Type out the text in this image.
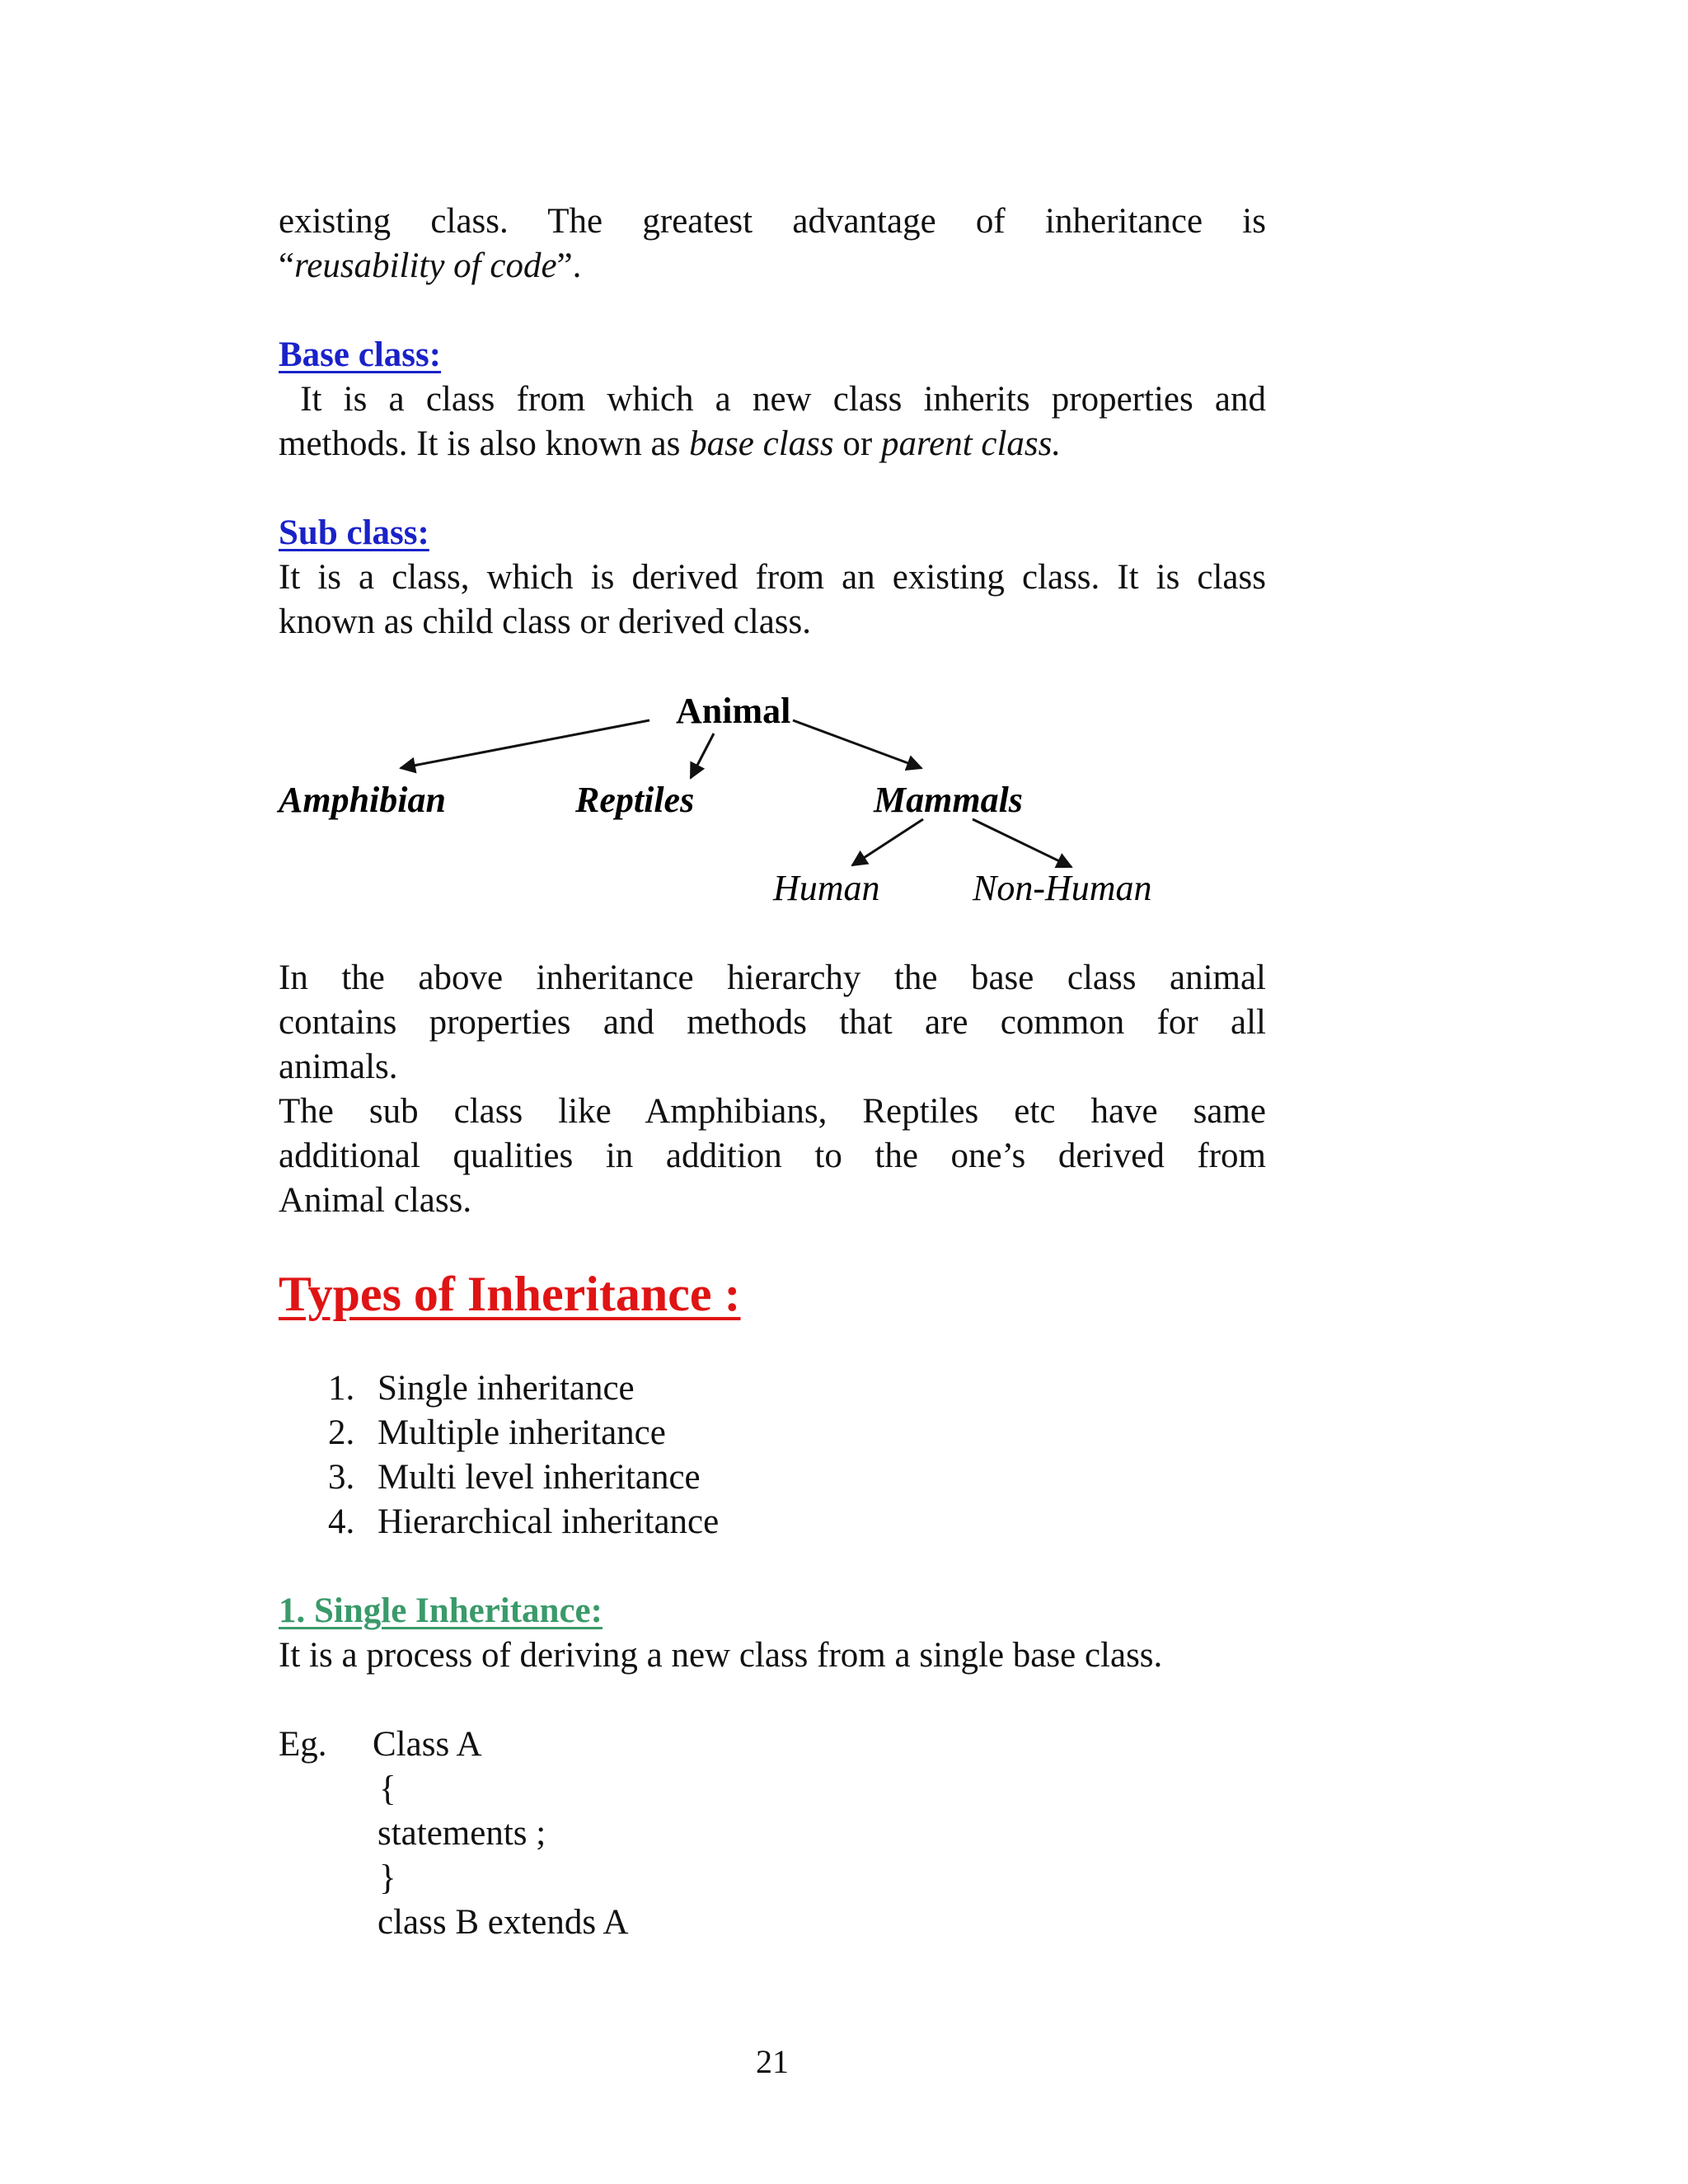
existing class. The greatest advantage of inheritance is
“reusability of code”.
Base class:
It is a class from which a new class inherits properties and
methods. It is also known as base class or parent class.
Sub class:
It is a class, which is derived from an existing class. It is class
known as child class or derived class.
Animal
Amphibian	Reptiles	Mammals
Human	Non-Human
In the above inheritance hierarchy the base class animal
contains properties and methods that are common for all
animals.
The sub class like Amphibians, Reptiles etc have same
additional qualities in addition to the one’s derived from
Animal class.
Types of Inheritance :
1. Single inheritance
2. Multiple inheritance
3. Multi level inheritance
4. Hierarchical inheritance
1. Single Inheritance:
It is a process of deriving a new class from a single base class.
Eg. Class A
{
statements ;
}
class B extends A
21
